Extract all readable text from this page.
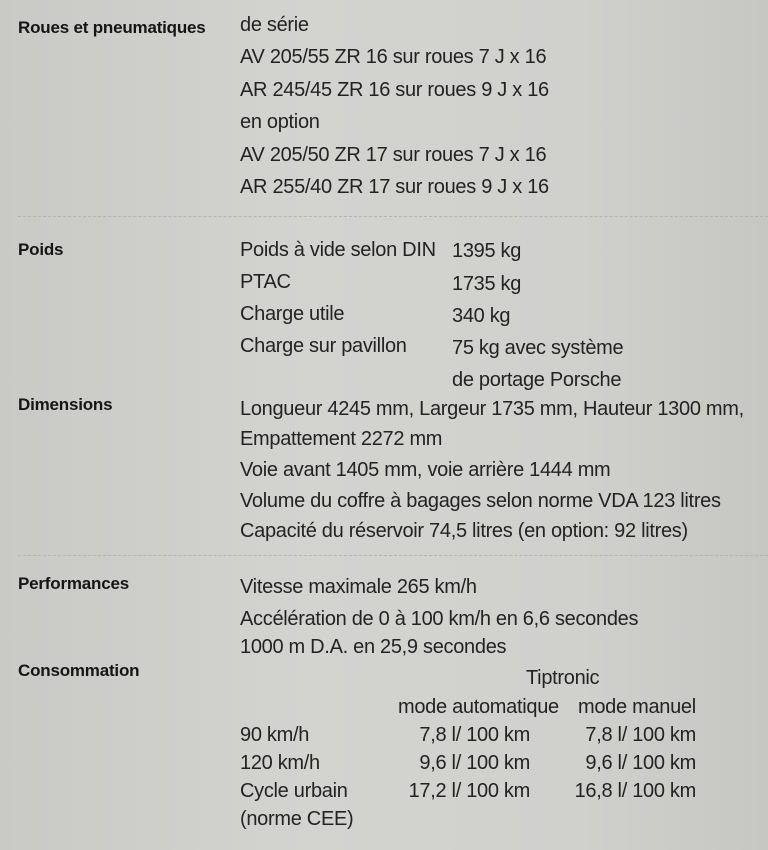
Roues et pneumatiques de série
AV 205/55 ZR 16 sur roues 7 J x 16
AR 245/45 ZR 16 sur roues 9 J x 16
en option
AV 205/50 ZR 17 sur roues 7 J x 16
AR 255/40 ZR 17 sur roues 9 J x 16
Poids	Poids à vide selon DIN 1395 kg
PTAC	1735 kg
Charge utile	340 kg
Charge sur pavillon 75 kg avec système
de portage Porsche
Dimensions	Longueur 4245 mm, Largeur 1735 mm, Hauteur 1300 mm,
Empattement 2272 mm
Voie avant 1405 mm, voie arrière 1444 mm
Volume du coffre à bagages selon norme VDA 123 litres
Capacité du réservoir 74,5 litres (en option: 92 litres)
Performances	Vitesse maximale 265 km/h
Accélération de 0 à 100 km/h en 6,6 secondes
1000 m D.A. en 25,9 secondes
Consommation	Tiptronic
mode automatique mode manuel
90 km/h	7,8 l/ 100 km	7,8 l/ 100 km
120 km/h	9,6 l/ 100 km	9,6 l/ 100 km
Cycle urbain	17,2 l/ 100 km	16,8 l/ 100 km
(norme CEE)
